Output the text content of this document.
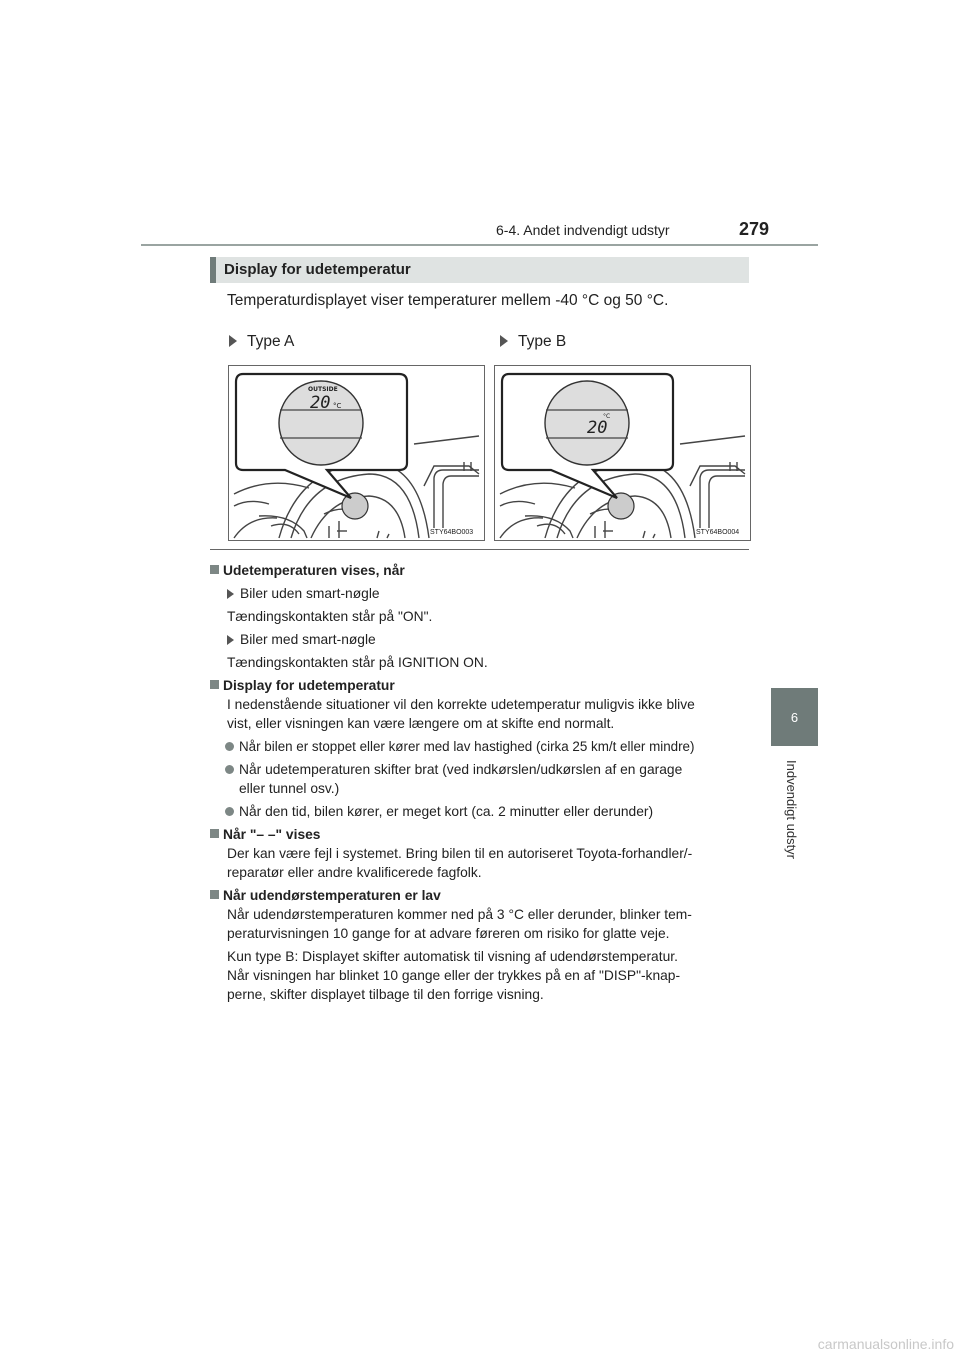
6-4. Andet indvendigt udstyr	279
6
Indvendigt udstyr
Display for udetemperatur
Temperaturdisplayet viser temperaturer mellem -40 °C og 50 °C.
Type A	Type B
OUTSIDE
20 °C
STY64BO003
°C
20
STY64BO004

Udetemperaturen vises, når

Biler uden smart-nøgle

Tændingskontakten står på "ON".

Biler med smart-nøgle

Tændingskontakten står på IGNITION ON.

Display for udetemperatur

I nedenstående situationer vil den korrekte udetemperatur muligvis ikke blive
vist, eller visningen kan være længere om at skifte end normalt.

Når bilen er stoppet eller kører med lav hastighed (cirka 25 km/t eller mindre)

Når udetemperaturen skifter brat (ved indkørslen/udkørslen af en garage
eller tunnel osv.)

Når den tid, bilen kører, er meget kort (ca. 2 minutter eller derunder)

Når "– –" vises

Der kan være fejl i systemet. Bring bilen til en autoriseret Toyota-forhandler/-
reparatør eller andre kvalificerede fagfolk.

Når udendørstemperaturen er lav

Når udendørstemperaturen kommer ned på 3 °C eller derunder, blinker tem-
peraturvisningen 10 gange for at advare føreren om risiko for glatte veje.

Kun type B: Displayet skifter automatisk til visning af udendørstemperatur.
Når visningen har blinket 10 gange eller der trykkes på en af "DISP"-knap-
perne, skifter displayet tilbage til den forrige visning.

carmanualsonline.info
